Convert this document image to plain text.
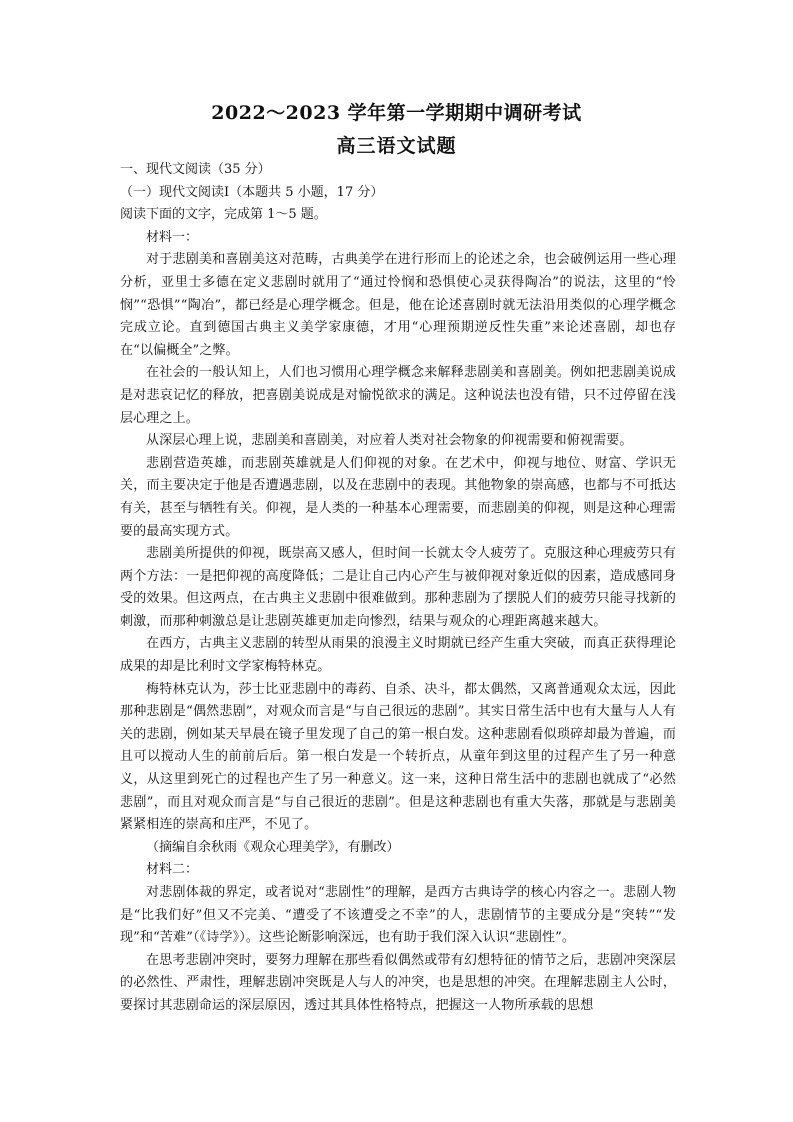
2022～2023 学年第一学期期中调研考试
高三语文试题

一、现代文阅读（35 分）

（一）现代文阅读Ⅰ（本题共 5 小题，17 分）

阅读下面的文字，完成第 1～5 题。

材料一：

对于悲剧美和喜剧美这对范畴，古典美学在进行形而上的论述之余，也会破例运用一些心理分析，亚里士多德在定义悲剧时就用了“通过怜悯和恐惧使心灵获得陶冶”的说法，这里的“怜悯”“恐惧”“陶冶”，都已经是心理学概念。但是，他在论述喜剧时就无法沿用类似的心理学概念完成立论。直到德国古典主义美学家康德，才用“心理预期逆反性失重”来论述喜剧，却也存在“以偏概全”之弊。

在社会的一般认知上，人们也习惯用心理学概念来解释悲剧美和喜剧美。例如把悲剧美说成是对悲哀记忆的释放，把喜剧美说成是对愉悦欲求的满足。这种说法也没有错，只不过停留在浅层心理之上。

从深层心理上说，悲剧美和喜剧美，对应着人类对社会物象的仰视需要和俯视需要。

悲剧营造英雄，而悲剧英雄就是人们仰视的对象。在艺术中，仰视与地位、财富、学识无关，而主要决定于他是否遭遇悲剧，以及在悲剧中的表现。其他物象的崇高感，也都与不可抵达有关，甚至与牺牲有关。仰视，是人类的一种基本心理需要，而悲剧美的仰视，则是这种心理需要的最高实现方式。

悲剧美所提供的仰视，既崇高又感人，但时间一长就太令人疲劳了。克服这种心理疲劳只有两个方法：一是把仰视的高度降低；二是让自己内心产生与被仰视对象近似的因素，造成感同身受的效果。但这两点，在古典主义悲剧中很难做到。那种悲剧为了摆脱人们的疲劳只能寻找新的刺激，而那种刺激总是让悲剧英雄更加走向惨烈，结果与观众的心理距离越来越大。

在西方，古典主义悲剧的转型从雨果的浪漫主义时期就已经产生重大突破，而真正获得理论成果的却是比利时文学家梅特林克。

梅特林克认为，莎士比亚悲剧中的毒药、自杀、决斗，都太偶然，又离普通观众太远，因此那种悲剧是“偶然悲剧”，对观众而言是“与自己很远的悲剧”。其实日常生活中也有大量与人人有关的悲剧，例如某天早晨在镜子里发现了自己的第一根白发。这种悲剧看似琐碎却最为普遍，而且可以搅动人生的前前后后。第一根白发是一个转折点，从童年到这里的过程产生了另一种意义，从这里到死亡的过程也产生了另一种意义。这一来，这种日常生活中的悲剧也就成了“必然悲剧”，而且对观众而言是“与自己很近的悲剧”。但是这种悲剧也有重大失落，那就是与悲剧美紧紧相连的崇高和庄严，不见了。

（摘编自余秋雨《观众心理美学》，有删改）

材料二：

对悲剧体裁的界定，或者说对“悲剧性”的理解，是西方古典诗学的核心内容之一。悲剧人物是“比我们好”但又不完美、“遭受了不该遭受之不幸”的人，悲剧情节的主要成分是“突转”“发现”和“苦难”（《诗学》）。这些论断影响深远，也有助于我们深入认识“悲剧性”。

在思考悲剧冲突时，要努力理解在那些看似偶然或带有幻想特征的情节之后，悲剧冲突深层的必然性、严肃性，理解悲剧冲突既是人与人的冲突，也是思想的冲突。在理解悲剧主人公时，要探讨其悲剧命运的深层原因，透过其具体性格特点，把握这一人物所承载的思想
